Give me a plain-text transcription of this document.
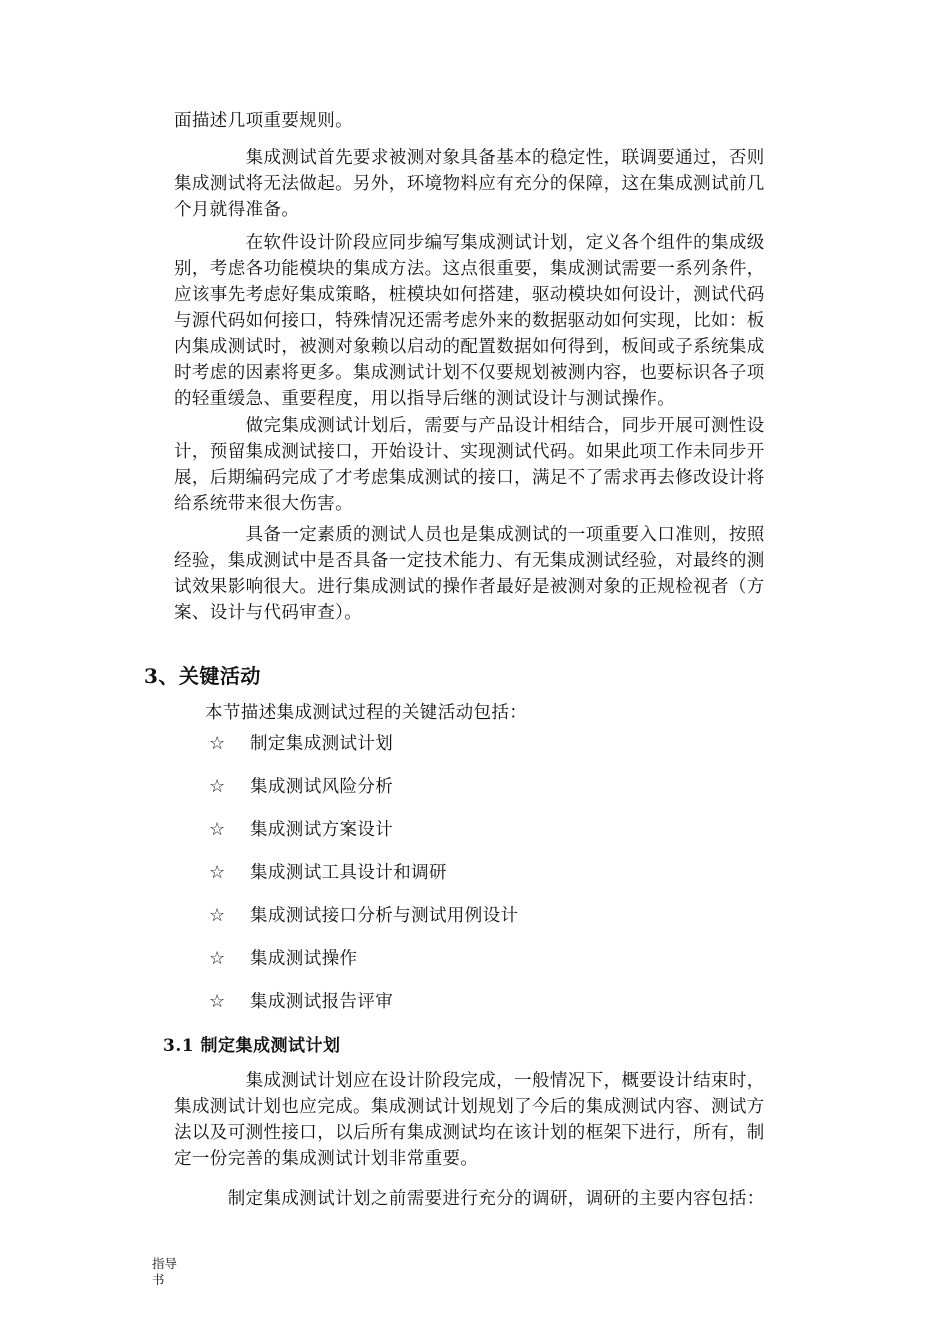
面描述几项重要规则。

　　　　集成测试首先要求被测对象具备基本的稳定性，联调要通过，否则
集成测试将无法做起。另外，环境物料应有充分的保障，这在集成测试前几
个月就得准备。

　　　　在软件设计阶段应同步编写集成测试计划，定义各个组件的集成级
别，考虑各功能模块的集成方法。这点很重要，集成测试需要一系列条件，
应该事先考虑好集成策略，桩模块如何搭建，驱动模块如何设计，测试代码
与源代码如何接口，特殊情况还需考虑外来的数据驱动如何实现，比如：板
内集成测试时，被测对象赖以启动的配置数据如何得到，板间或子系统集成
时考虑的因素将更多。集成测试计划不仅要规划被测内容，也要标识各子项
的轻重缓急、重要程度，用以指导后继的测试设计与测试操作。

　　　　做完集成测试计划后，需要与产品设计相结合，同步开展可测性设
计，预留集成测试接口，开始设计、实现测试代码。如果此项工作未同步开
展，后期编码完成了才考虑集成测试的接口，满足不了需求再去修改设计将
给系统带来很大伤害。

　　　　具备一定素质的测试人员也是集成测试的一项重要入口准则，按照
经验，集成测试中是否具备一定技术能力、有无集成测试经验，对最终的测
试效果影响很大。进行集成测试的操作者最好是被测对象的正规检视者（方
案、设计与代码审查）。

3、关键活动

本节描述集成测试过程的关键活动包括：

☆	制定集成测试计划
☆	集成测试风险分析
☆	集成测试方案设计
☆	集成测试工具设计和调研
☆	集成测试接口分析与测试用例设计
☆	集成测试操作
☆	集成测试报告评审
3.1 制定集成测试计划

　　　　集成测试计划应在设计阶段完成，一般情况下，概要设计结束时，
集成测试计划也应完成。集成测试计划规划了今后的集成测试内容、测试方
法以及可测性接口，以后所有集成测试均在该计划的框架下进行，所有，制
定一份完善的集成测试计划非常重要。

　　　制定集成测试计划之前需要进行充分的调研，调研的主要内容包括：

指导
书
